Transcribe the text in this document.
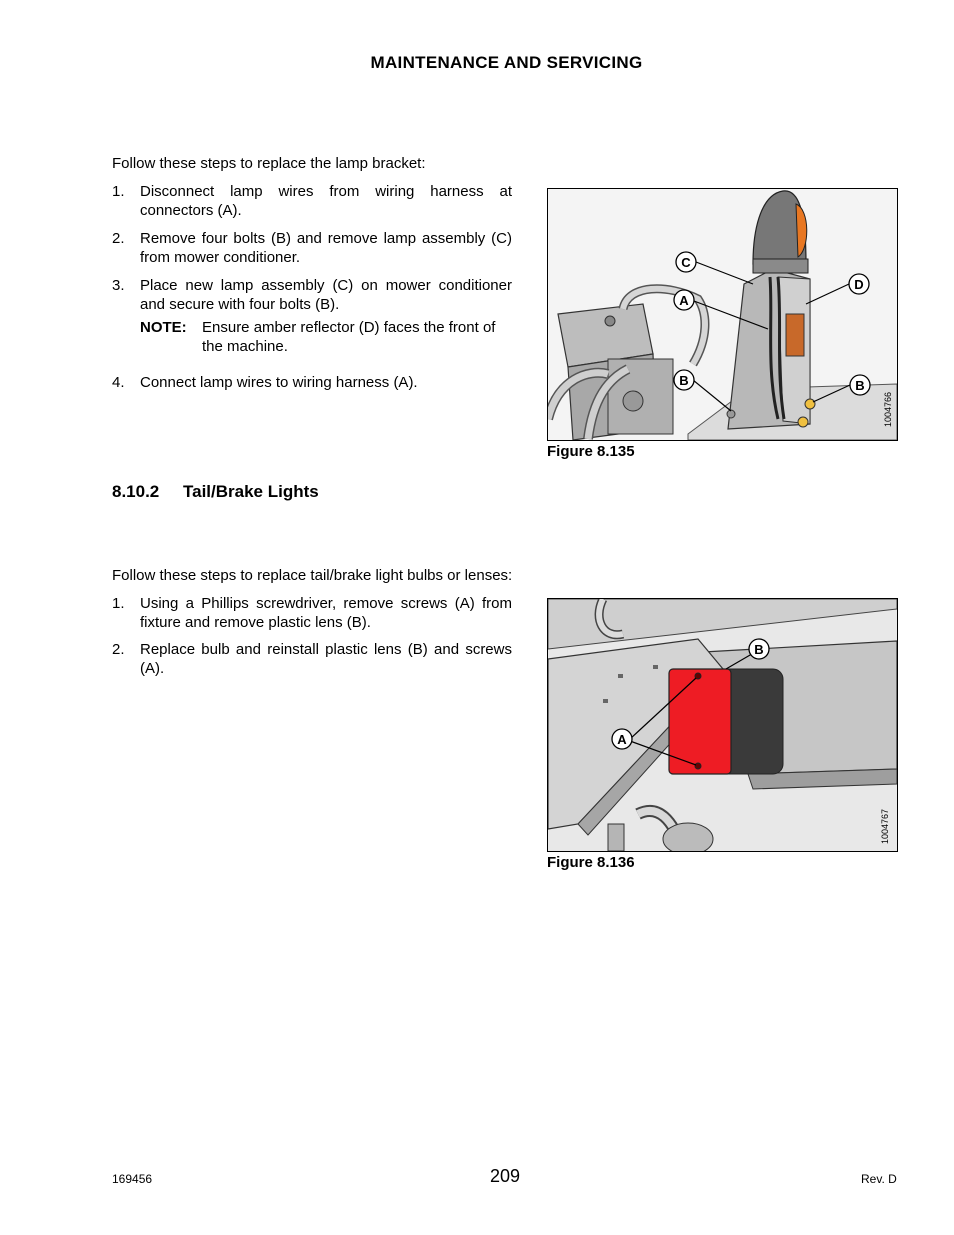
MAINTENANCE AND SERVICING
Follow these steps to replace the lamp bracket:
1. Disconnect lamp wires from wiring harness at connectors (A).
2. Remove four bolts (B) and remove lamp assembly (C) from mower conditioner.
3. Place new lamp assembly (C) on mower conditioner and secure with four bolts (B).
NOTE: Ensure amber reflector (D) faces the front of the machine.
4. Connect lamp wires to wiring harness (A).
C
A
D
B	B
1004766
Figure 8.135
8.10.2 Tail/Brake Lights
Follow these steps to replace tail/brake light bulbs or lenses:
1. Using a Phillips screwdriver, remove screws (A) from fixture and remove plastic lens (B).
2. Replace bulb and reinstall plastic lens (B) and screws (A).
B
A
1004767
Figure 8.136
169456	209	Rev. D
